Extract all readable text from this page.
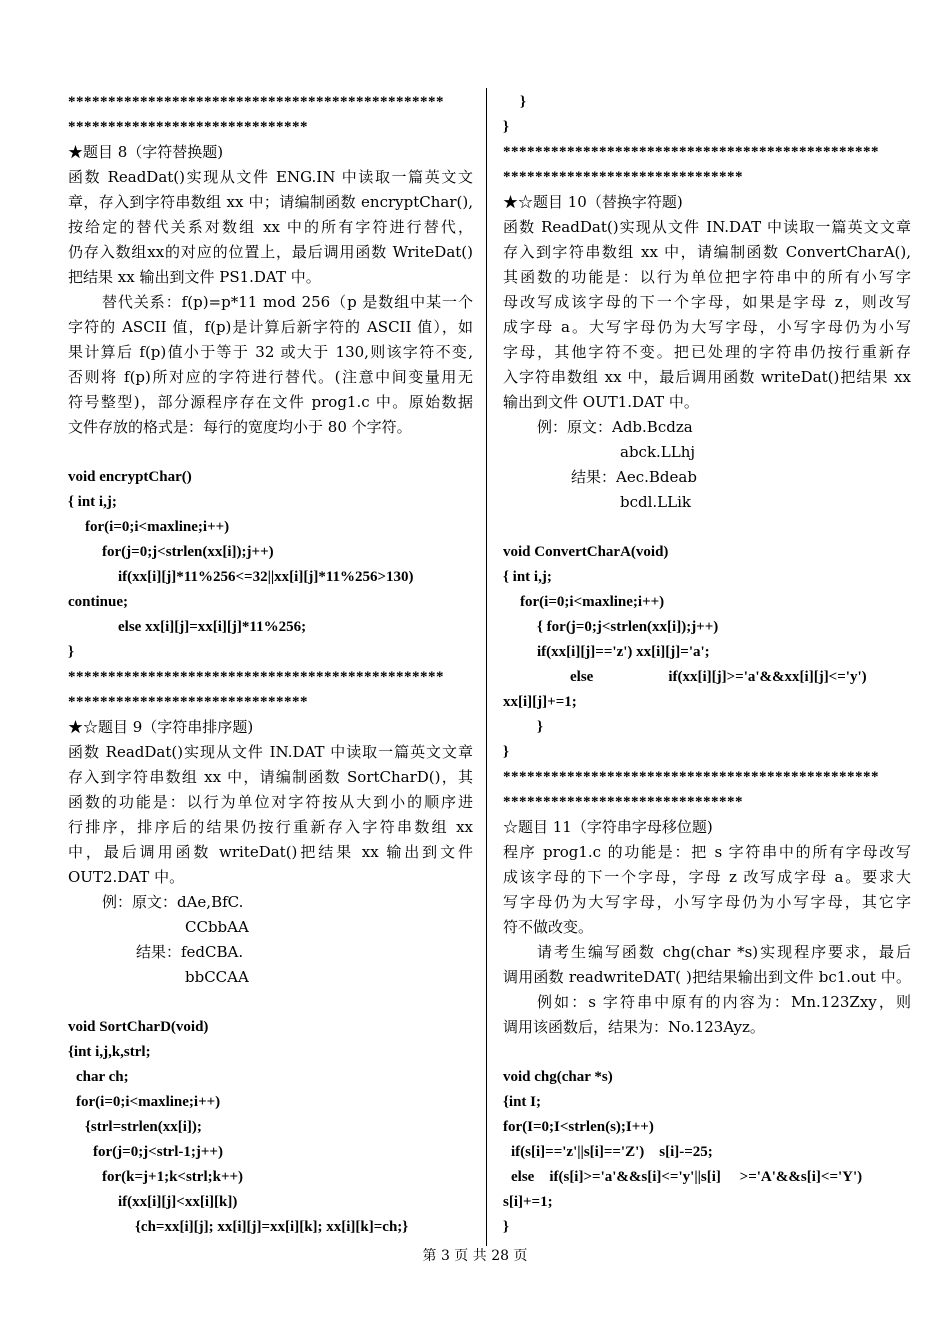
***********************************************
******************************
★题目 8（字符替换题)
函数 ReadDat()实现从文件 ENG.IN 中读取一篇英文文
章，存入到字符串数组 xx 中；请编制函数 encryptChar(),
按给定的替代关系对数组 xx 中的所有字符进行替代，
仍存入数组xx的对应的位置上，最后调用函数 WriteDat()
把结果 xx 输出到文件 PS1.DAT 中。
替代关系：f(p)=p*11 mod 256（p 是数组中某一个
字符的 ASCII 值，f(p)是计算后新字符的 ASCII 值），如
果计算后 f(p)值小于等于 32 或大于 130,则该字符不变,
否则将 f(p)所对应的字符进行替代。(注意中间变量用无
符号整型)，部分源程序存在文件 prog1.c 中。原始数据
文件存放的格式是：每行的宽度均小于 80 个字符。
void encryptChar()
{ int i,j;
for(i=0;i<maxline;i++)
for(j=0;j<strlen(xx[i]);j++)
if(xx[i][j]*11%256<=32||xx[i][j]*11%256>130)
continue;
else xx[i][j]=xx[i][j]*11%256;
}
***********************************************
******************************
★☆题目 9（字符串排序题)
函数 ReadDat()实现从文件 IN.DAT 中读取一篇英文文章
存入到字符串数组 xx 中，请编制函数 SortCharD()，其
函数的功能是：以行为单位对字符按从大到小的顺序进
行排序，排序后的结果仍按行重新存入字符串数组 xx
中，最后调用函数 writeDat()把结果 xx 输出到文件
OUT2.DAT 中。
例：原文：dAe,BfC.
CCbbAA
结果：fedCBA.
bbCCAA
void SortCharD(void)
{int i,j,k,strl;
char ch;
for(i=0;i<maxline;i++)
{strl=strlen(xx[i]);
for(j=0;j<strl-1;j++)
for(k=j+1;k<strl;k++)
if(xx[i][j]<xx[i][k])
{ch=xx[i][j]; xx[i][j]=xx[i][k]; xx[i][k]=ch;}
}
}
***********************************************
******************************
★☆题目 10（替换字符题)
函数 ReadDat()实现从文件 IN.DAT 中读取一篇英文文章
存入到字符串数组 xx 中，请编制函数 ConvertCharA(),
其函数的功能是：以行为单位把字符串中的所有小写字
母改写成该字母的下一个字母，如果是字母 z，则改写
成字母 a。大写字母仍为大写字母，小写字母仍为小写
字母，其他字符不变。把已处理的字符串仍按行重新存
入字符串数组 xx 中，最后调用函数 writeDat()把结果 xx
输出到文件 OUT1.DAT 中。
例：原文：Adb.Bcdza
abck.LLhj
结果：Aec.Bdeab
bcdl.LLik
void ConvertCharA(void)
{ int i,j;
for(i=0;i<maxline;i++)
{ for(j=0;j<strlen(xx[i]);j++)
if(xx[i][j]=='z') xx[i][j]='a';
else                    if(xx[i][j]>='a'&&xx[i][j]<='y')
xx[i][j]+=1;
}
}
***********************************************
******************************
☆题目 11（字符串字母移位题)
程序 prog1.c 的功能是：把 s 字符串中的所有字母改写
成该字母的下一个字母，字母 z 改写成字母 a。要求大
写字母仍为大写字母，小写字母仍为小写字母，其它字
符不做改变。
请考生编写函数 chg(char *s)实现程序要求，最后
调用函数 readwriteDAT( )把结果输出到文件 bc1.out 中。
例如：s 字符串中原有的内容为：Mn.123Zxy，则
调用该函数后，结果为：No.123Ayz。
void chg(char *s)
{int I;
for(I=0;I<strlen(s);I++)
if(s[i]=='z'||s[i]=='Z')    s[i]-=25;
else    if(s[i]>='a'&&s[i]<='y'||s[i]     >='A'&&s[i]<='Y')
s[i]+=1;
}
第 3 页 共 28 页
